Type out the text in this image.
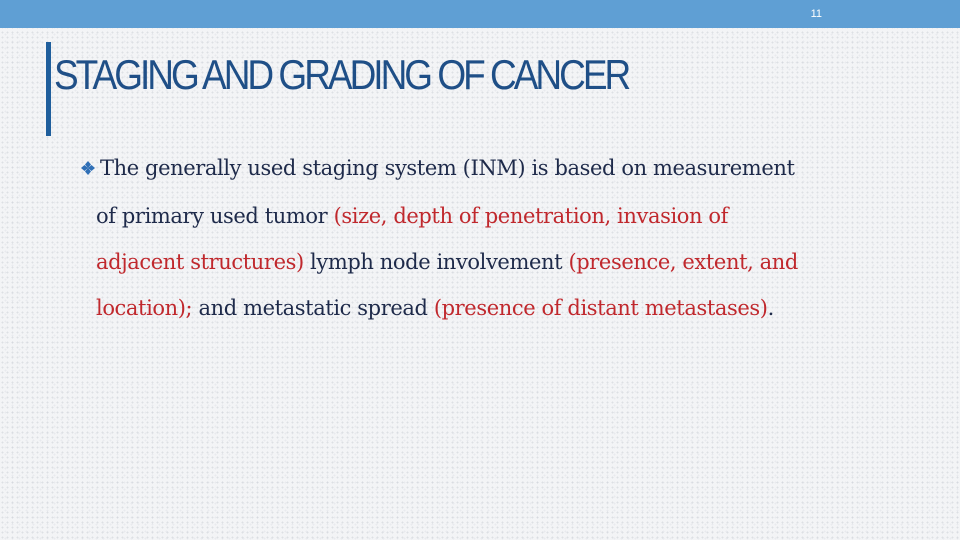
11
STAGING AND GRADING OF CANCER
The generally used staging system (INM) is based on measurement
of primary used tumor (size, depth of penetration, invasion of
adjacent structures) lymph node involvement (presence, extent, and
location); and metastatic spread (presence of distant metastases).
